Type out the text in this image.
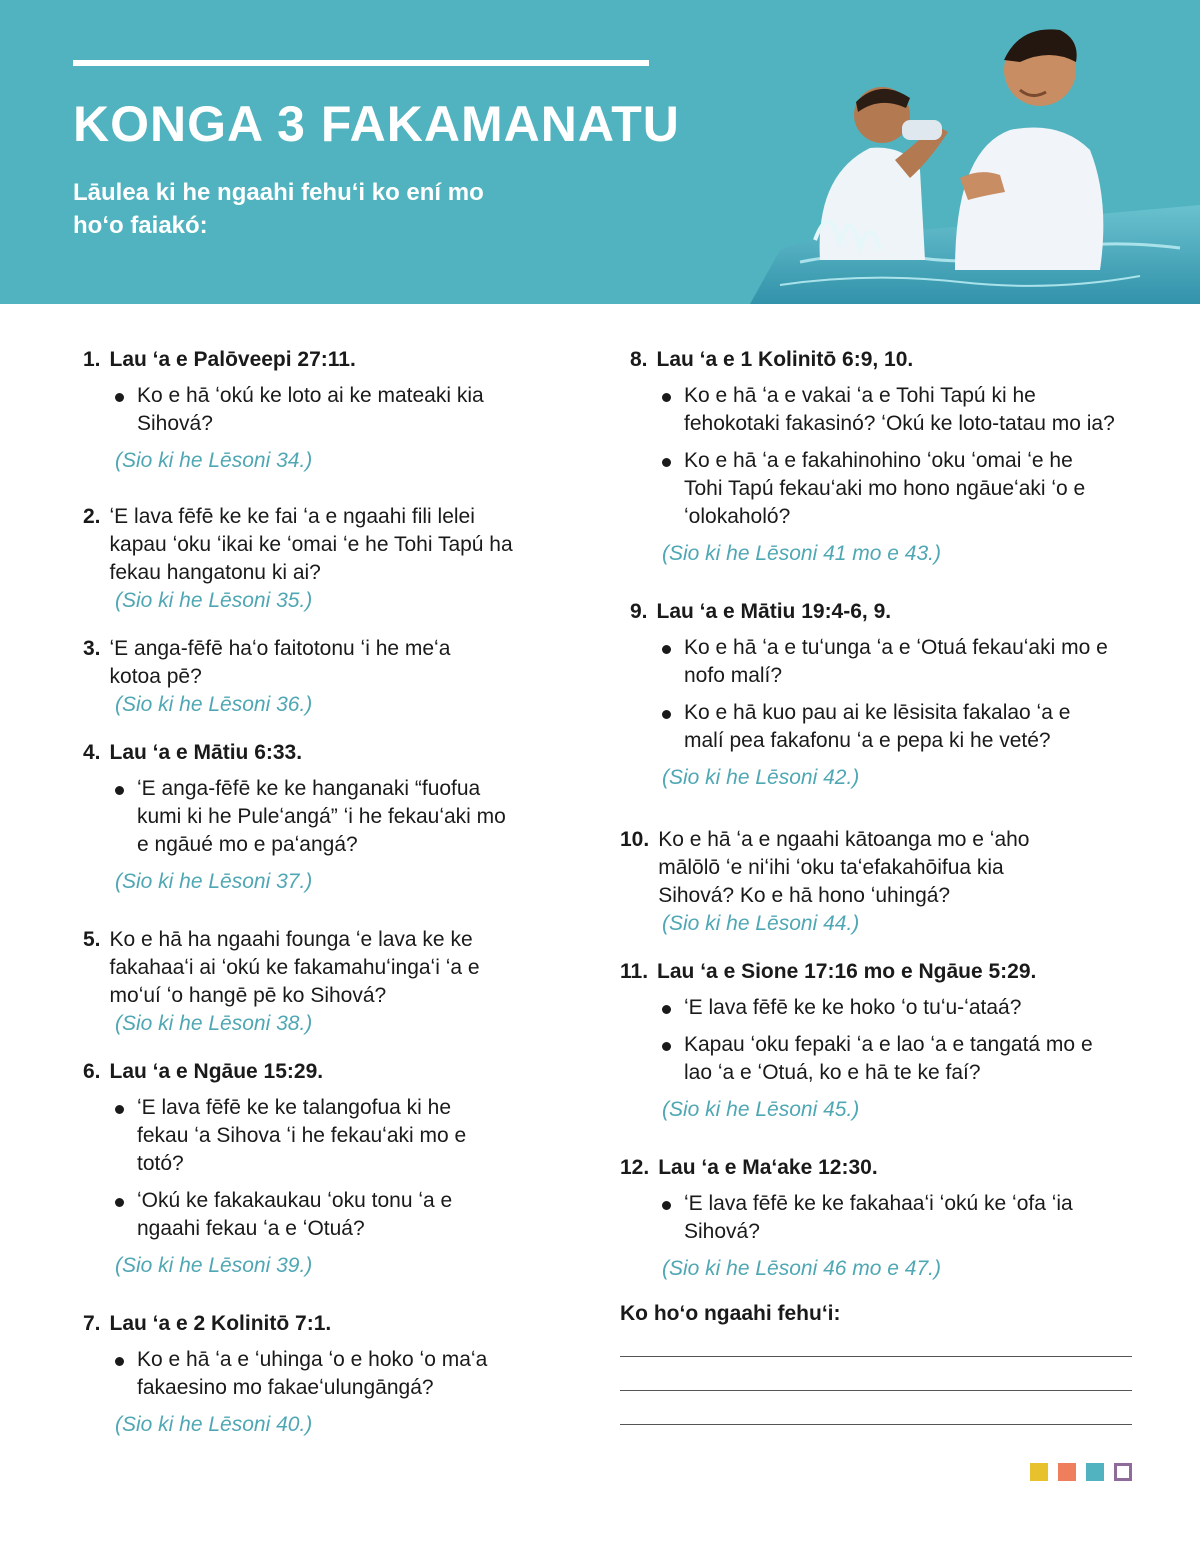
KONGA 3 FAKAMANATU

Lāulea ki he ngaahi fehuʻi ko ení mo hoʻo faiakó:

1. Lau ʻa e Palōveepi 27:11.
Ko e hā ʻokú ke loto ai ke mateaki kia Sihová?

(Sio ki he Lēsoni 34.)

2. ʻE lava fēfē ke ke fai ʻa e ngaahi fili lelei kapau ʻoku ʻikai ke ʻomai ʻe he Tohi Tapú ha fekau hangatonu ki ai?

(Sio ki he Lēsoni 35.)

3. ʻE anga-fēfē haʻo faitotonu ʻi he meʻa kotoa pē?

(Sio ki he Lēsoni 36.)

4. Lau ʻa e Mātiu 6:33.
ʻE anga-fēfē ke ke hanganaki “fuofua kumi ki he Puleʻangá” ʻi he fekauʻaki mo e ngāué mo e paʻangá?

(Sio ki he Lēsoni 37.)

5. Ko e hā ha ngaahi founga ʻe lava ke ke fakahaaʻi ai ʻokú ke fakamahuʻingaʻi ʻa e moʻuí ʻo hangē pē ko Sihová?

(Sio ki he Lēsoni 38.)

6. Lau ʻa e Ngāue 15:29.
ʻE lava fēfē ke ke talangofua ki he fekau ʻa Sihova ʻi he fekauʻaki mo e totó?
ʻOkú ke fakakaukau ʻoku tonu ʻa e ngaahi fekau ʻa e ʻOtuá?

(Sio ki he Lēsoni 39.)

7. Lau ʻa e 2 Kolinitō 7:1.
Ko e hā ʻa e ʻuhinga ʻo e hoko ʻo maʻa fakaesino mo fakaeʻulungāngá?

(Sio ki he Lēsoni 40.)

8. Lau ʻa e 1 Kolinitō 6:9, 10.
Ko e hā ʻa e vakai ʻa e Tohi Tapú ki he fehokotaki fakasinó? ʻOkú ke loto-tatau mo ia?
Ko e hā ʻa e fakahinohino ʻoku ʻomai ʻe he Tohi Tapú fekauʻaki mo hono ngāueʻaki ʻo e ʻolokaholó?

(Sio ki he Lēsoni 41 mo e 43.)

9. Lau ʻa e Mātiu 19:4-6, 9.
Ko e hā ʻa e tuʻunga ʻa e ʻOtuá fekauʻaki mo e nofo malí?
Ko e hā kuo pau ai ke lēsisita fakalao ʻa e malí pea fakafonu ʻa e pepa ki he veté?

(Sio ki he Lēsoni 42.)

10. Ko e hā ʻa e ngaahi kātoanga mo e ʻaho mālōlō ʻe niʻihi ʻoku taʻefakahōifua kia Sihová? Ko e hā hono ʻuhingá?

(Sio ki he Lēsoni 44.)

11. Lau ʻa e Sione 17:16 mo e Ngāue 5:29.
ʻE lava fēfē ke ke hoko ʻo tuʻu-ʻataá?
Kapau ʻoku fepaki ʻa e lao ʻa e tangatá mo e lao ʻa e ʻOtuá, ko e hā te ke faí?

(Sio ki he Lēsoni 45.)

12. Lau ʻa e Maʻake 12:30.
ʻE lava fēfē ke ke fakahaaʻi ʻokú ke ʻofa ʻia Sihová?

(Sio ki he Lēsoni 46 mo e 47.)

Ko hoʻo ngaahi fehuʻi:
